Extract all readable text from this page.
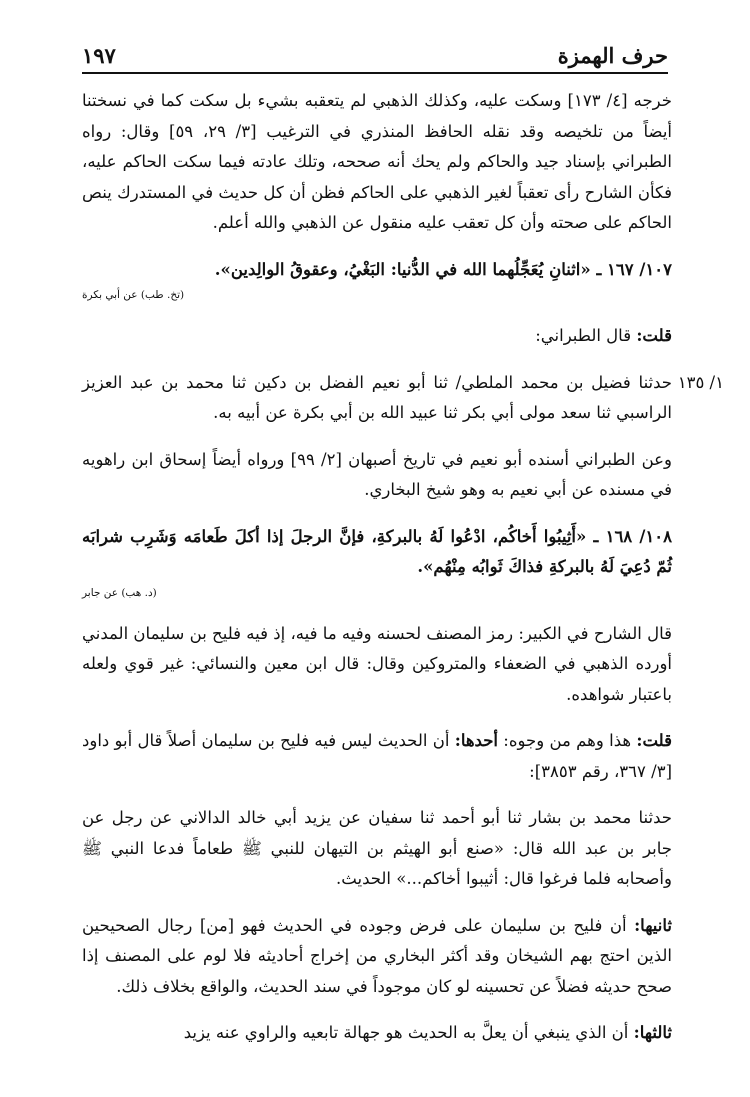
حرف الهمزة
١٩٧

خرجه [٤/ ١٧٣] وسكت عليه، وكذلك الذهبي لم يتعقبه بشيء بل سكت كما في نسختنا أيضاً من تلخيصه وقد نقله الحافظ المنذري في الترغيب [٣/ ٢٩، ٥٩] وقال: رواه الطبراني بإسناد جيد والحاكم ولم يحك أنه صححه، وتلك عادته فيما سكت الحاكم عليه، فكأن الشارح رأى تعقباً لغير الذهبي على الحاكم فظن أن كل حديث في المستدرك ينص الحاكم على صحته وأن كل تعقب عليه منقول عن الذهبي والله أعلم.

١٠٧/ ١٦٧ ـ «اثنانِ يُعَجِّلُهما الله في الدُّنيا: البَغْيُ، وعقوقُ الوالِدين».

(تخ. طب) عن أبي بكرة

قلت: قال الطبراني:

حدثنا فضيل بن محمد الملطي/ ثنا أبو نعيم الفضل بن دكين ثنا محمد بن عبد العزيز الراسبي ثنا سعد مولى أبي بكر ثنا عبيد الله بن أبي بكرة عن أبيه به.
١/ ١٣٥

وعن الطبراني أسنده أبو نعيم في تاريخ أصبهان [٢/ ٩٩] ورواه أيضاً إسحاق ابن راهويه في مسنده عن أبي نعيم به وهو شيخ البخاري.

١٠٨/ ١٦٨ ـ «أَثِيبُوا أَخاكُم، ادْعُوا لَهُ بالبركةِ، فإنَّ الرجلَ إذا أكلَ طَعامَه وَشَرِب شرابَه ثُمّ دُعِيَ لَهُ بالبركةِ فذاكَ ثَوابُه مِنْهُم».

(د. هب) عن جابر

قال الشارح في الكبير: رمز المصنف لحسنه وفيه ما فيه، إذ فيه فليح بن سليمان المدني أورده الذهبي في الضعفاء والمتروكين وقال: قال ابن معين والنسائي: غير قوي ولعله باعتبار شواهده.

قلت: هذا وهم من وجوه: أحدها: أن الحديث ليس فيه فليح بن سليمان أصلاً قال أبو داود [٣/ ٣٦٧، رقم ٣٨٥٣]:

حدثنا محمد بن بشار ثنا أبو أحمد ثنا سفيان عن يزيد أبي خالد الدالاني عن رجل عن جابر بن عبد الله قال: «صنع أبو الهيثم بن التيهان للنبي ﷺ طعاماً فدعا النبي ﷺ وأصحابه فلما فرغوا قال: أثيبوا أخاكم...» الحديث.

ثانيها: أن فليح بن سليمان على فرض وجوده في الحديث فهو [من] رجال الصحيحين الذين احتج بهم الشيخان وقد أكثر البخاري من إخراج أحاديثه فلا لوم على المصنف إذا صحح حديثه فضلاً عن تحسينه لو كان موجوداً في سند الحديث، والواقع بخلاف ذلك.

ثالثها: أن الذي ينبغي أن يعلَّ به الحديث هو جهالة تابعيه والراوي عنه يزيد
